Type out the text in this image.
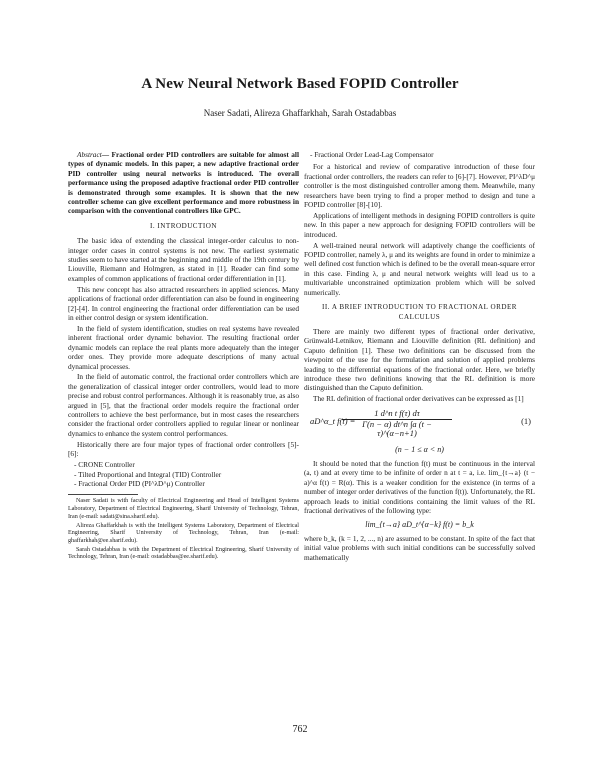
A New Neural Network Based FOPID Controller
Naser Sadati, Alireza Ghaffarkhah, Sarah Ostadabbas

Abstract— Fractional order PID controllers are suitable for almost all types of dynamic models. In this paper, a new adaptive fractional order PID controller using neural networks is introduced. The overall performance using the proposed adaptive fractional order PID controller is demonstrated through some examples. It is shown that the new controller scheme can give excellent performance and more robustness in comparison with the conventional controllers like GPC.

I. INTRODUCTION

The basic idea of extending the classical integer-order calculus to non-integer order cases in control systems is not new. The earliest systematic studies seem to have started at the beginning and middle of the 19th century by Liouville, Riemann and Holmgren, as stated in [1]. Reader can find some examples of common applications of fractional order differentiation in [1].

This new concept has also attracted researchers in applied sciences. Many applications of fractional order differentiation can also be found in engineering [2]-[4]. In control engineering the fractional order differentiation can be used in either control design or system identification.

In the field of system identification, studies on real systems have revealed inherent fractional order dynamic behavior. The resulting fractional order dynamic models can replace the real plants more adequately than the integer order ones. They provide more adequate descriptions of many actual dynamical processes.

In the field of automatic control, the fractional order controllers which are the generalization of classical integer order controllers, would lead to more precise and robust control performances. Although it is reasonably true, as also argued in [5], that the fractional order models require the fractional order controllers to achieve the best performance, but in most cases the researchers consider the fractional order controllers applied to regular linear or nonlinear dynamics to enhance the system control performances.

Historically there are four major types of fractional order controllers [5]-[6]:

- CRONE Controller
- Tilted Proportional and Integral (TID) Controller
- Fractional Order PID (PI^λD^μ) Controller

Naser Sadati is with faculty of Electrical Engineering and Head of Intelligent Systems Laboratory, Department of Electrical Engineering, Sharif University of Technology, Tehran, Iran (e-mail: sadati@sina.sharif.edu).

Alireza Ghaffarkhah is with the Intelligent Systems Laboratory, Department of Electrical Engineering, Sharif University of Technology, Tehran, Iran (e-mail: ghaffarkhah@ee.sharif.edu).

Sarah Ostadabbas is with the Department of Electrical Engineering, Sharif University of Technology, Tehran, Iran (e-mail: ostadabbas@ee.sharif.edu).

- Fractional Order Lead-Lag Compensator

For a historical and review of comparative introduction of these four fractional order controllers, the readers can refer to [6]-[7]. However, PI^λD^μ controller is the most distinguished controller among them. Meanwhile, many researchers have been trying to find a proper method to design and tune a FOPID controller [8]-[10].

Applications of intelligent methods in designing FOPID controllers is quite new. In this paper a new approach for designing FOPID controllers will be introduced.

A well-trained neural network will adaptively change the coefficients of FOPID controller, namely λ, μ and its weights are found in order to minimize a well defined cost function which is defined to be the overall mean-square error in this case. Finding λ, μ and neural network weights will lead us to a multivariable unconstrained optimization problem which will be solved numerically.

II. A BRIEF INTRODUCTION TO FRACTIONAL ORDER CALCULUS

There are mainly two different types of fractional order derivative, Grünwald-Letnikov, Riemann and Liouville definition (RL definition) and Caputo definition [1]. These two definitions can be discussed from the viewpoint of the use for the formulation and solution of applied problems leading to the differential equations of the fractional order. Here, we briefly introduce these two definitions knowing that the RL definition is more distinguished than the Caputo definition.

The RL definition of fractional order derivatives can be expressed as [1]

aD^α_t f(t) =
$\frac{\text{1 d\textasciicircum{}n t f(τ) dτ}}{\Gamma(n - \alpha) dt\^{}n \int a (t - \tau)\^{}(\alpha-n+1)}$	(1)
(n − 1 ≤ α < n)

It should be noted that the function f(t) must be continuous in the interval (a, t) and at every time to be infinite of order n at t = a, i.e. lim_{t→a} (t − a)^α f(t) = R(α). This is a weaker condition for the existence (in terms of a number of integer order derivatives of the function f(t)). Unfortunately, the RL approach leads to initial conditions containing the limit values of the RL fractional derivatives of the following type:

lim_{t→a} aD_t^{α−k} f(t) = b_k

where b_k, (k = 1, 2, ..., n) are assumed to be constant. In spite of the fact that initial value problems with such initial conditions can be successfully solved mathematically

762
